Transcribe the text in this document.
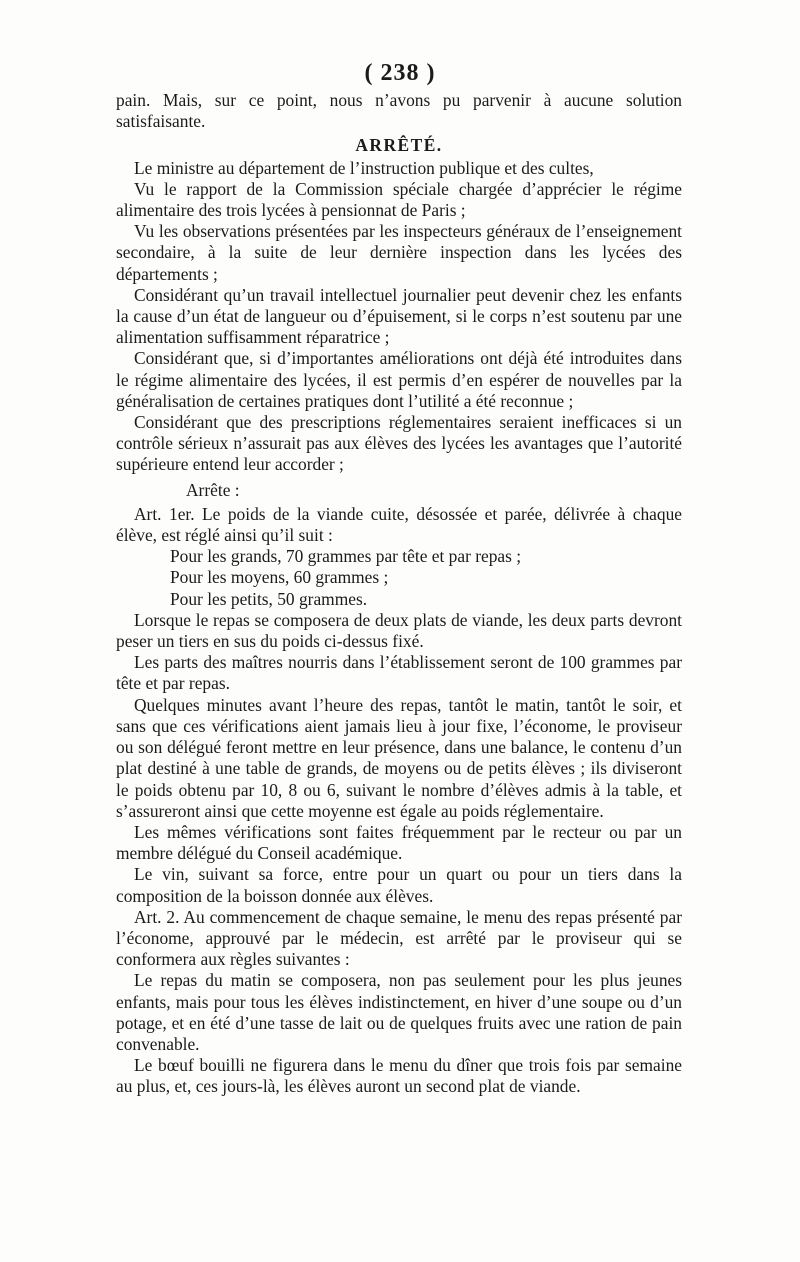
( 238 )

pain. Mais, sur ce point, nous n’avons pu parvenir à aucune solution satisfaisante.

ARRÊTÉ.

Le ministre au département de l’instruction publique et des cultes,

Vu le rapport de la Commission spéciale chargée d’apprécier le régime alimentaire des trois lycées à pensionnat de Paris ;

Vu les observations présentées par les inspecteurs généraux de l’enseignement secondaire, à la suite de leur dernière inspection dans les lycées des départements ;

Considérant qu’un travail intellectuel journalier peut devenir chez les enfants la cause d’un état de langueur ou d’épuisement, si le corps n’est soutenu par une alimentation suffisamment réparatrice ;

Considérant que, si d’importantes améliorations ont déjà été introduites dans le régime alimentaire des lycées, il est permis d’en espérer de nouvelles par la généralisation de certaines pratiques dont l’utilité a été reconnue ;

Considérant que des prescriptions réglementaires seraient inefficaces si un contrôle sérieux n’assurait pas aux élèves des lycées les avantages que l’autorité supérieure entend leur accorder ;

Arrête :

Art. 1er. Le poids de la viande cuite, désossée et parée, délivrée à chaque élève, est réglé ainsi qu’il suit :

Pour les grands, 70 grammes par tête et par repas ;

Pour les moyens, 60 grammes ;

Pour les petits, 50 grammes.

Lorsque le repas se composera de deux plats de viande, les deux parts devront peser un tiers en sus du poids ci-dessus fixé.

Les parts des maîtres nourris dans l’établissement seront de 100 grammes par tête et par repas.

Quelques minutes avant l’heure des repas, tantôt le matin, tantôt le soir, et sans que ces vérifications aient jamais lieu à jour fixe, l’économe, le proviseur ou son délégué feront mettre en leur présence, dans une balance, le contenu d’un plat destiné à une table de grands, de moyens ou de petits élèves ; ils diviseront le poids obtenu par 10, 8 ou 6, suivant le nombre d’élèves admis à la table, et s’assureront ainsi que cette moyenne est égale au poids réglementaire.

Les mêmes vérifications sont faites fréquemment par le recteur ou par un membre délégué du Conseil académique.

Le vin, suivant sa force, entre pour un quart ou pour un tiers dans la composition de la boisson donnée aux élèves.

Art. 2. Au commencement de chaque semaine, le menu des repas présenté par l’économe, approuvé par le médecin, est arrêté par le proviseur qui se conformera aux règles suivantes :

Le repas du matin se composera, non pas seulement pour les plus jeunes enfants, mais pour tous les élèves indistinctement, en hiver d’une soupe ou d’un potage, et en été d’une tasse de lait ou de quelques fruits avec une ration de pain convenable.

Le bœuf bouilli ne figurera dans le menu du dîner que trois fois par semaine au plus, et, ces jours-là, les élèves auront un second plat de viande.
